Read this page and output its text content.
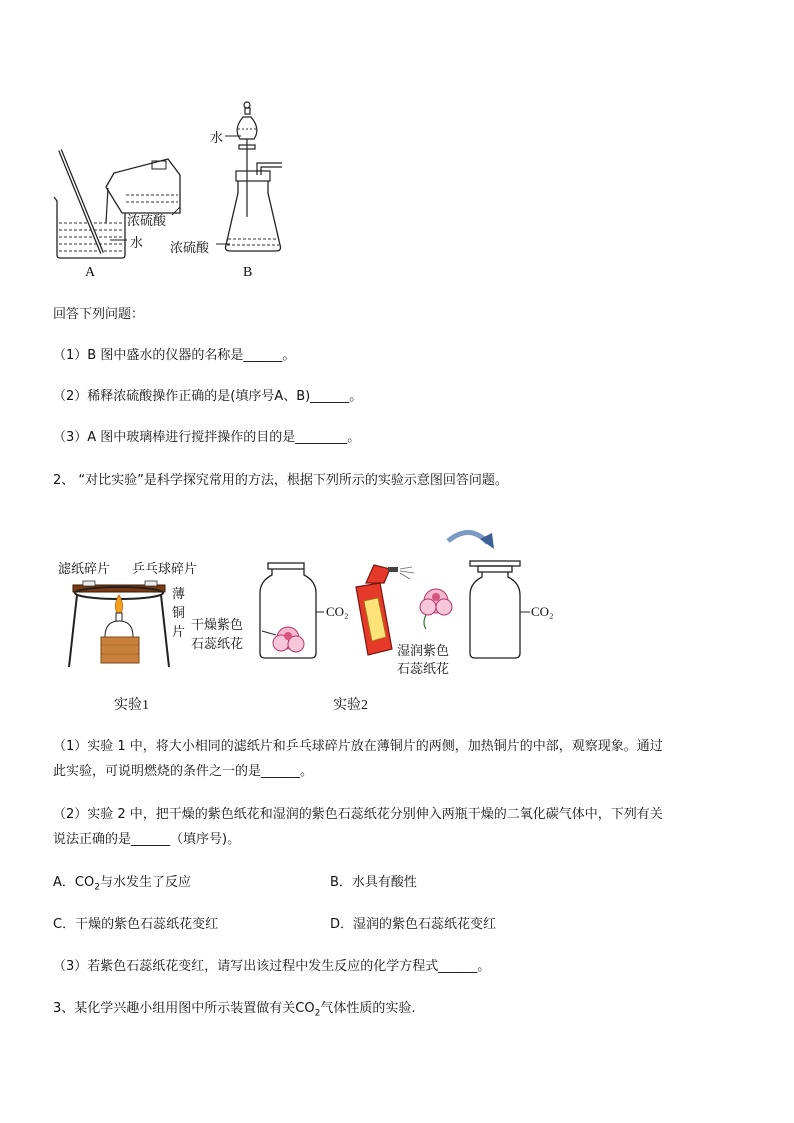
浓硫酸
水
水
浓硫酸
A	B
回答下列问题：
（1）B 图中盛水的仪器的名称是______。
（2）稀释浓硫酸操作正确的是(填序号A、B)______。
（3）A 图中玻璃棒进行搅拌操作的目的是________。
2、 “对比实验”是科学探究常用的方法，根据下列所示的实验示意图回答问题。
滤纸碎片 乒乓球碎片
薄
铜
片 干燥紫色
石蕊纸花
CO₂	CO₂
湿润紫色
石蕊纸花
实验1	实验2
（1）实验 1 中，将大小相同的滤纸片和乒乓球碎片放在薄铜片的两侧，加热铜片的中部，观察现象。通过
此实验，可说明燃烧的条件之一的是______。
（2）实验 2 中，把干燥的紫色纸花和湿润的紫色石蕊纸花分别伸入两瓶干燥的二氧化碳气体中，下列有关
说法正确的是______（填序号)。
A．$CO_2$与水发生了反应	B．水具有酸性
C．干燥的紫色石蕊纸花变红	D．湿润的紫色石蕊纸花变红
（3）若紫色石蕊纸花变红，请写出该过程中发生反应的化学方程式______。
3、某化学兴趣小组用图中所示装置做有关$CO_2$气体性质的实验.
